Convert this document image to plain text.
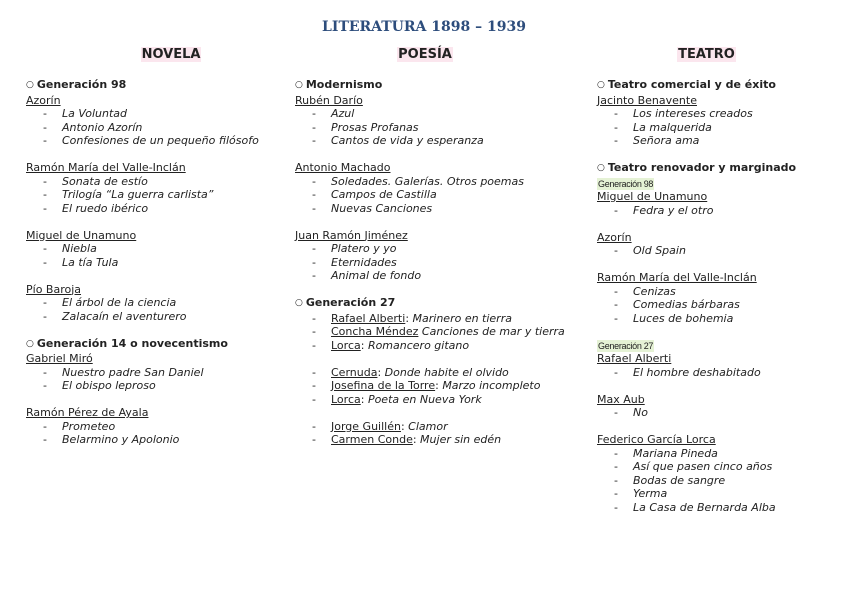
LITERATURA 1898 – 1939
NOVELA
○ Generación 98
Azorín
- La Voluntad
- Antonio Azorín
- Confesiones de un pequeño filósofo
Ramón María del Valle-Inclán
- Sonata de estío
- Trilogía “La guerra carlista”
- El ruedo ibérico
Miguel de Unamuno
- Niebla
- La tía Tula
Pío Baroja
- El árbol de la ciencia
- Zalacaín el aventurero
○ Generación 14 o novecentismo
Gabriel Miró
- Nuestro padre San Daniel
- El obispo leproso
Ramón Pérez de Ayala
- Prometeo
- Belarmino y Apolonio
POESÍA
○ Modernismo
Rubén Darío
- Azul
- Prosas Profanas
- Cantos de vida y esperanza
Antonio Machado
- Soledades. Galerías. Otros poemas
- Campos de Castilla
- Nuevas Canciones
Juan Ramón Jiménez
- Platero y yo
- Eternidades
- Animal de fondo
○ Generación 27
- Rafael Alberti: Marinero en tierra
- Concha Méndez Canciones de mar y tierra
- Lorca: Romancero gitano
- Cernuda: Donde habite el olvido
- Josefina de la Torre: Marzo incompleto
- Lorca: Poeta en Nueva York
- Jorge Guillén: Clamor
- Carmen Conde: Mujer sin edén
TEATRO
○ Teatro comercial y de éxito
Jacinto Benavente
- Los intereses creados
- La malquerida
- Señora ama
○ Teatro renovador y marginado
Generación 98
Miguel de Unamuno
- Fedra y el otro
Azorín
- Old Spain
Ramón María del Valle-Inclán
- Cenizas
- Comedias bárbaras
- Luces de bohemia
Generación 27
Rafael Alberti
- El hombre deshabitado
Max Aub
- No
Federico García Lorca
- Mariana Pineda
- Así que pasen cinco años
- Bodas de sangre
- Yerma
- La Casa de Bernarda Alba
